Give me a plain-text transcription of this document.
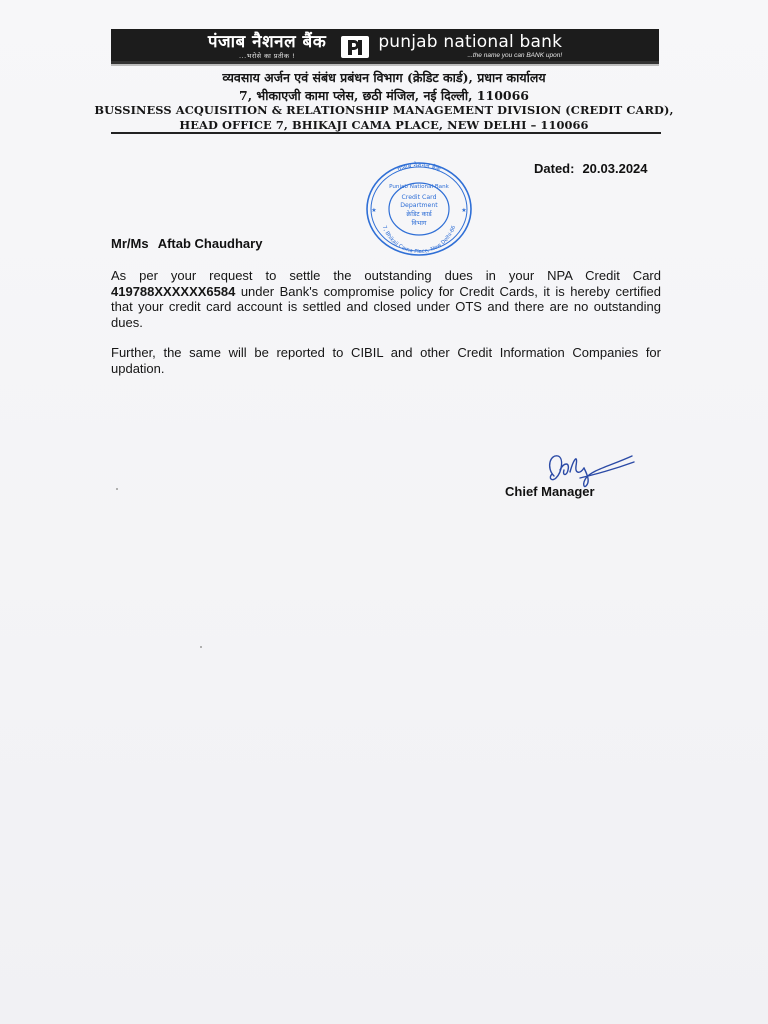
पंजाब नैशनल बैंक
...भरोसे का प्रतीक !
punjab national bank
...the name you can BANK upon!
व्यवसाय अर्जन एवं संबंध प्रबंधन विभाग (क्रेडिट कार्ड), प्रधान कार्यालय
7, भीकाएजी कामा प्लेस, छठी मंजिल, नई दिल्ली, 110066
BUSSINESS ACQUISITION & RELATIONSHIP MANAGEMENT DIVISION (CREDIT CARD),
HEAD OFFICE 7, BHIKAJI CAMA PLACE, NEW DELHI – 110066
Dated: 20.03.2024
पंजाब नैशनल बैंक
7, Bhikaji Cama Place, New Delhi-66
Punjab National Bank
Credit Card
Department
क्रेडिट कार्ड
विभाग
★	★
Mr/Ms Aftab Chaudhary
As per your request to settle the outstanding dues in your NPA Credit Card 419788XXXXXX6584 under Bank's compromise policy for Credit Cards, it is hereby certified that your credit card account is settled and closed under OTS and there are no outstanding dues.
Further, the same will be reported to CIBIL and other Credit Information Companies for updation.
Chief Manager
